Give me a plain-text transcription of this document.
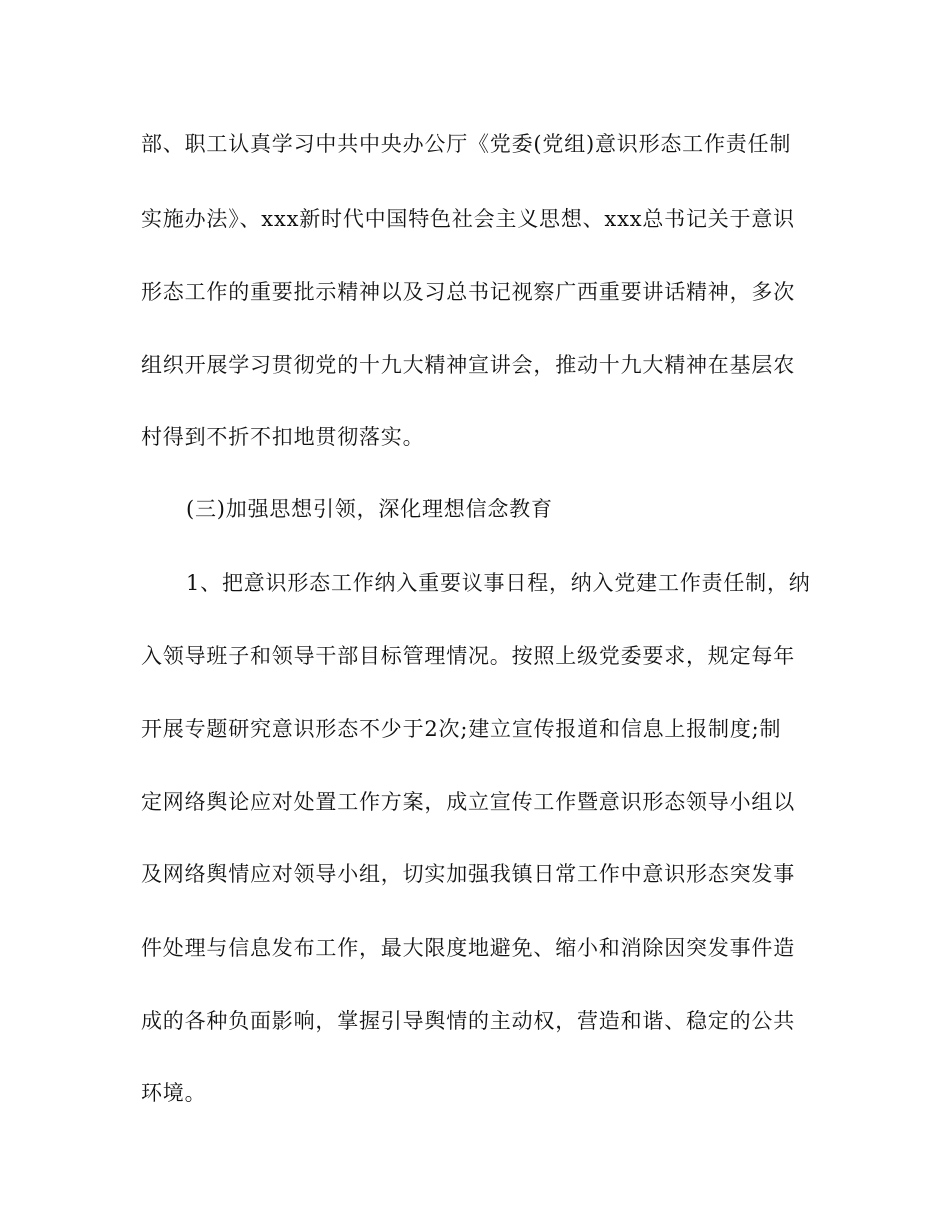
部、职工认真学习中共中央办公厅《党委(党组)意识形态工作责任制
实施办法》、xxx新时代中国特色社会主义思想、xxx总书记关于意识
形态工作的重要批示精神以及习总书记视察广西重要讲话精神，多次
组织开展学习贯彻党的十九大精神宣讲会，推动十九大精神在基层农
村得到不折不扣地贯彻落实。
(三)加强思想引领，深化理想信念教育
1、把意识形态工作纳入重要议事日程，纳入党建工作责任制，纳
入领导班子和领导干部目标管理情况。按照上级党委要求，规定每年
开展专题研究意识形态不少于2次;建立宣传报道和信息上报制度;制
定网络舆论应对处置工作方案，成立宣传工作暨意识形态领导小组以
及网络舆情应对领导小组，切实加强我镇日常工作中意识形态突发事
件处理与信息发布工作，最大限度地避免、缩小和消除因突发事件造
成的各种负面影响，掌握引导舆情的主动权，营造和谐、稳定的公共
环境。
